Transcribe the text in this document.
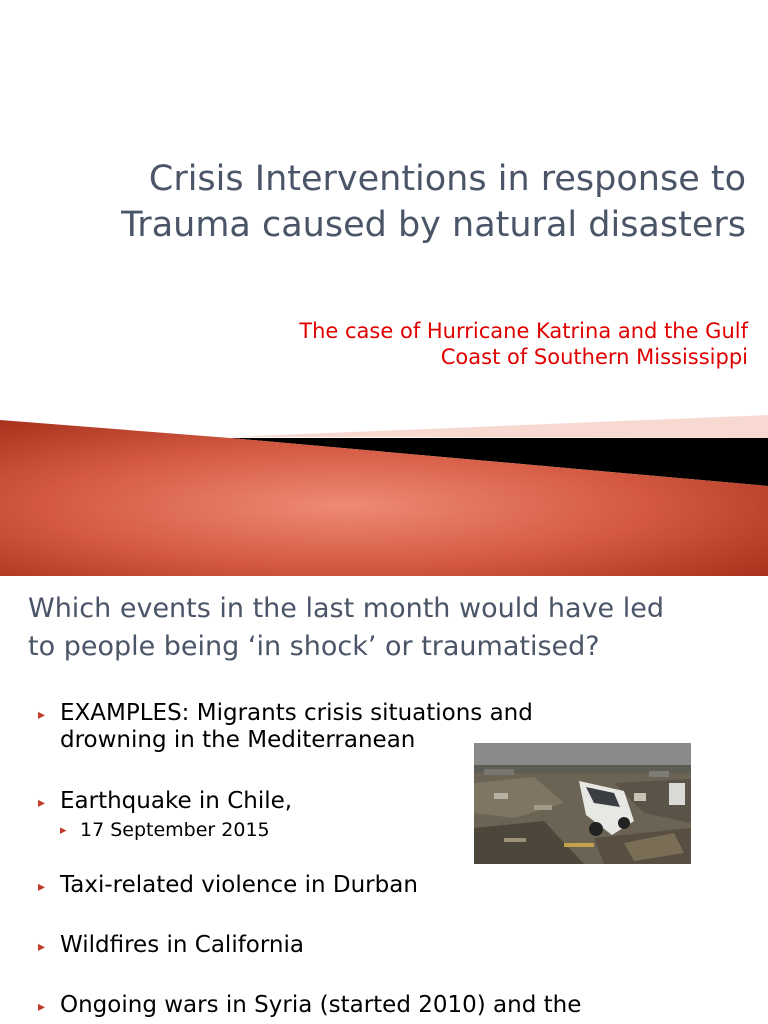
Crisis Interventions in response to
Trauma caused by natural disasters

The case of Hurricane Katrina and the Gulf
Coast of Southern Mississippi

Which events in the last month would have led
to people being ‘in shock’ or traumatised?
▸ EXAMPLES: Migrants crisis situations and
drowning in the Mediterranean
▸ Earthquake in Chile,
▸ 17 September 2015
▸ Taxi-related violence in Durban
▸ Wildfires in California
▸ Ongoing wars in Syria (started 2010) and the
